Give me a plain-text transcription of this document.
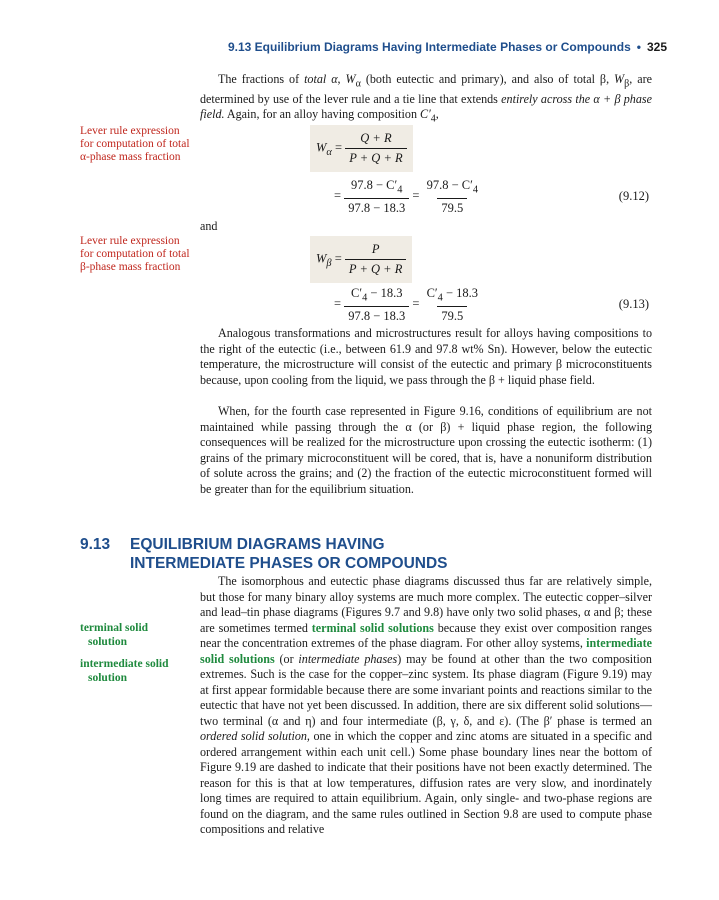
9.13 Equilibrium Diagrams Having Intermediate Phases or Compounds • 325
The fractions of total α, $W_\alpha$ (both eutectic and primary), and also of total β, $W_\beta$, are determined by use of the lever rule and a tie line that extends entirely across the α + β phase field. Again, for an alloy having composition $C'_4$,
Lever rule expression for computation of total α-phase mass fraction
$W_\alpha = \frac{Q + R}{P + Q + R}$
= $\frac{97.8 - C'_4}{97.8 - 18.3} = \frac{97.8 - C'_4}{79.5}$	(9.12)
and
Lever rule expression for computation of total β-phase mass fraction
$W_\beta = \frac{P}{P + Q + R}$
= $\frac{C'_4 - 18.3}{97.8 - 18.3} = \frac{C'_4 - 18.3}{79.5}$	(9.13)
Analogous transformations and microstructures result for alloys having compositions to the right of the eutectic (i.e., between 61.9 and 97.8 wt% Sn). However, below the eutectic temperature, the microstructure will consist of the eutectic and primary β microconstituents because, upon cooling from the liquid, we pass through the β + liquid phase field.
When, for the fourth case represented in Figure 9.16, conditions of equilibrium are not maintained while passing through the α (or β) + liquid phase region, the following consequences will be realized for the microstructure upon crossing the eutectic isotherm: (1) grains of the primary microconstituent will be cored, that is, have a nonuniform distribution of solute across the grains; and (2) the fraction of the eutectic microconstituent formed will be greater than for the equilibrium situation.
9.13 EQUILIBRIUM DIAGRAMS HAVING
INTERMEDIATE PHASES OR COMPOUNDS
terminal solid
solution
intermediate solid
solution
The isomorphous and eutectic phase diagrams discussed thus far are relatively simple, but those for many binary alloy systems are much more complex. The eutectic copper–silver and lead–tin phase diagrams (Figures 9.7 and 9.8) have only two solid phases, α and β; these are sometimes termed terminal solid solutions because they exist over composition ranges near the concentration extremes of the phase diagram. For other alloy systems, intermediate solid solutions (or intermediate phases) may be found at other than the two composition extremes. Such is the case for the copper–zinc system. Its phase diagram (Figure 9.19) may at first appear formidable because there are some invariant points and reactions similar to the eutectic that have not yet been discussed. In addition, there are six different solid solutions—two terminal (α and η) and four intermediate (β, γ, δ, and ε). (The β′ phase is termed an ordered solid solution, one in which the copper and zinc atoms are situated in a specific and ordered arrangement within each unit cell.) Some phase boundary lines near the bottom of Figure 9.19 are dashed to indicate that their positions have not been exactly determined. The reason for this is that at low temperatures, diffusion rates are very slow, and inordinately long times are required to attain equilibrium. Again, only single- and two-phase regions are found on the diagram, and the same rules outlined in Section 9.8 are used to compute phase compositions and relative
